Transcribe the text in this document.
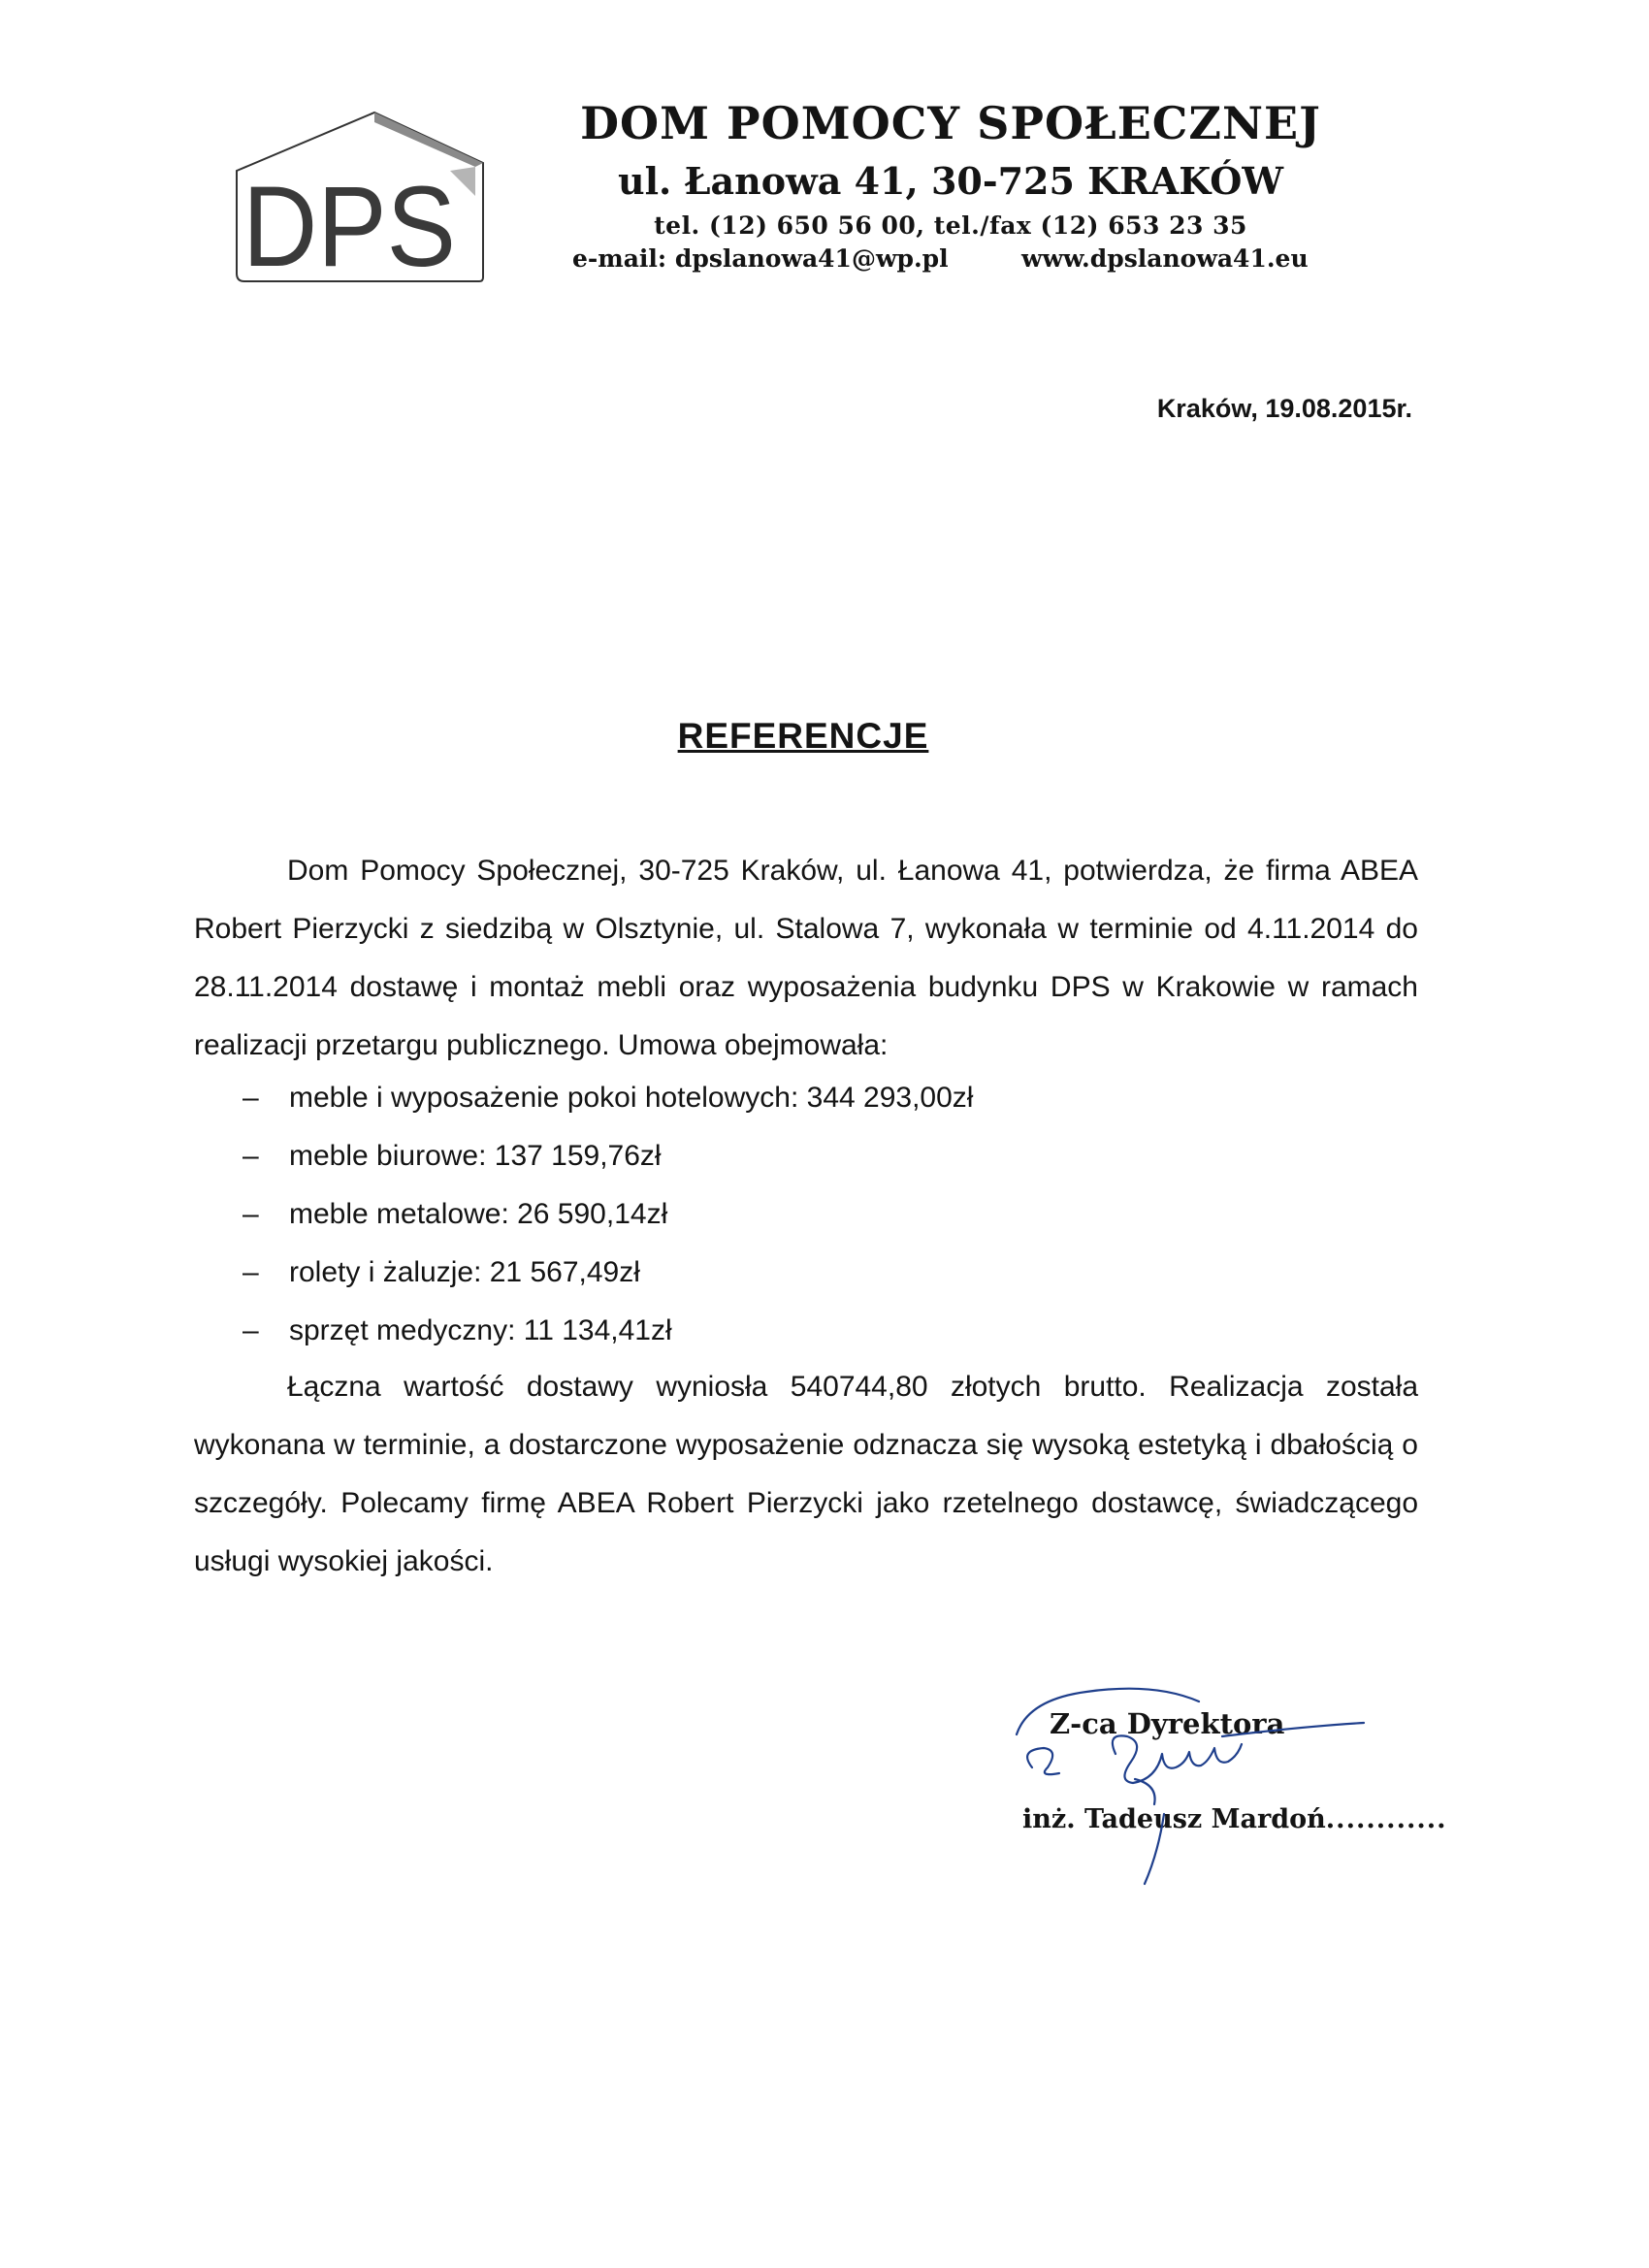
DPS
DOM POMOCY SPOŁECZNEJ
ul. Łanowa 41, 30-725 KRAKÓW
tel. (12) 650 56 00, tel./fax (12) 653 23 35
e-mail: dpslanowa41@wp.pl	www.dpslanowa41.eu
Kraków, 19.08.2015r.
REFERENCJE
Dom Pomocy Społecznej, 30-725 Kraków, ul. Łanowa 41, potwierdza, że firma ABEA Robert Pierzycki z siedzibą w Olsztynie, ul. Stalowa 7, wykonała w terminie od 4.11.2014 do 28.11.2014 dostawę i montaż mebli oraz wyposażenia budynku DPS w Krakowie w ramach realizacji przetargu publicznego. Umowa obejmowała:
– meble i wyposażenie pokoi hotelowych: 344 293,00zł
– meble biurowe: 137 159,76zł
– meble metalowe: 26 590,14zł
– rolety i żaluzje: 21 567,49zł
– sprzęt medyczny: 11 134,41zł
Łączna wartość dostawy wyniosła 540744,80 złotych brutto. Realizacja została wykonana w terminie, a dostarczone wyposażenie odznacza się wysoką estetyką i dbałością o szczegóły. Polecamy firmę ABEA Robert Pierzycki jako rzetelnego dostawcę, świadczącego usługi wysokiej jakości.
Z-ca Dyrektora
inż. Tadeusz Mardoń............
